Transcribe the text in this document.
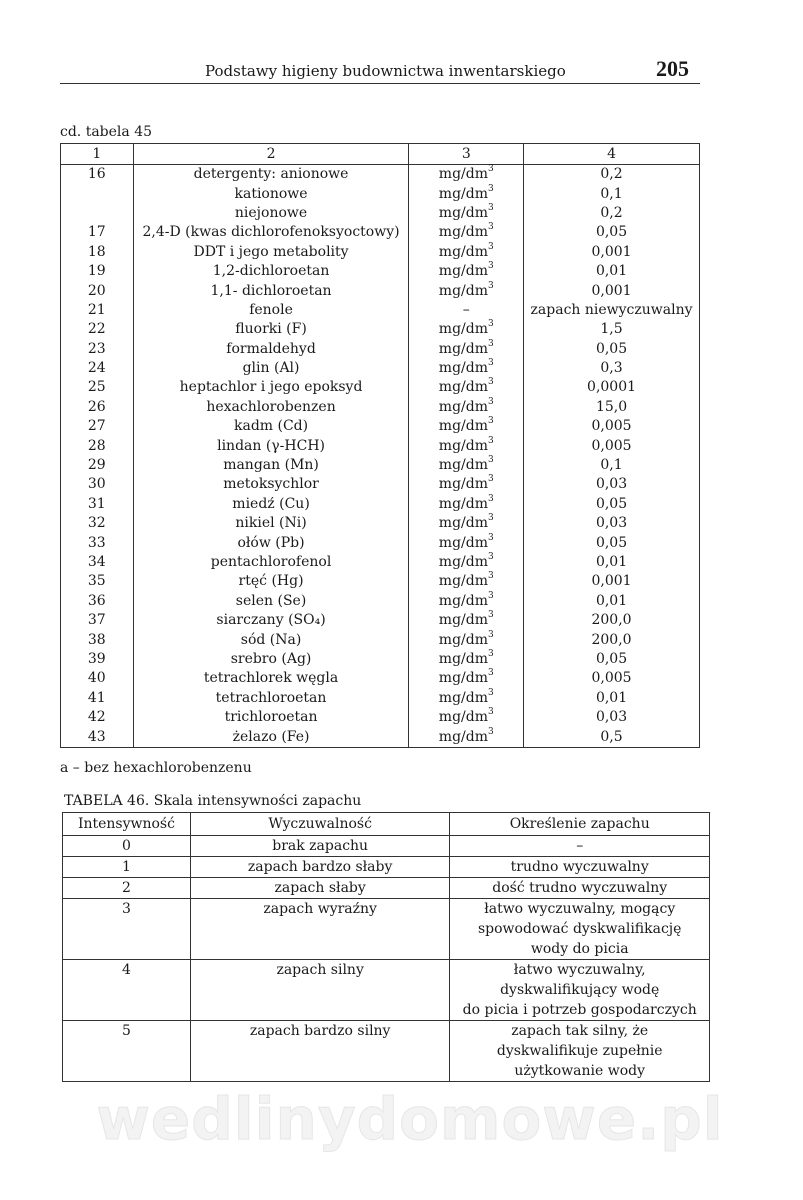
Podstawy higieny budownictwa inwentarskiego	205
cd. tabela 45
1	2	3	4
16	detergenty: anionowe	$mg/dm^3$	0,2
	kationowe	$mg/dm^3$	0,1
	niejonowe	$mg/dm^3$	0,2
17	2,4-D (kwas dichlorofenoksyoctowy)	$mg/dm^3$	0,05
18	DDT i jego metabolity	$mg/dm^3$	0,001
19	1,2-dichloroetan	$mg/dm^3$	0,01
20	1,1- dichloroetan	$mg/dm^3$	0,001
21	fenole	–	zapach niewyczuwalny
22	fluorki (F)	$mg/dm^3$	1,5
23	formaldehyd	$mg/dm^3$	0,05
24	glin (Al)	$mg/dm^3$	0,3
25	heptachlor i jego epoksyd	$mg/dm^3$	0,0001
26	hexachlorobenzen	$mg/dm^3$	15,0
27	kadm (Cd)	$mg/dm^3$	0,005
28	lindan (γ-HCH)	$mg/dm^3$	0,005
29	mangan (Mn)	$mg/dm^3$	0,1
30	metoksychlor	$mg/dm^3$	0,03
31	miedź (Cu)	$mg/dm^3$	0,05
32	nikiel (Ni)	$mg/dm^3$	0,03
33	ołów (Pb)	$mg/dm^3$	0,05
34	pentachlorofenol	$mg/dm^3$	0,01
35	rtęć (Hg)	$mg/dm^3$	0,001
36	selen (Se)	$mg/dm^3$	0,01
37	siarczany (SO₄)	$mg/dm^3$	200,0
38	sód (Na)	$mg/dm^3$	200,0
39	srebro (Ag)	$mg/dm^3$	0,05
40	tetrachlorek węgla	$mg/dm^3$	0,005
41	tetrachloroetan	$mg/dm^3$	0,01
42	trichloroetan	$mg/dm^3$	0,03
43	żelazo (Fe)	$mg/dm^3$	0,5
a – bez hexachlorobenzenu
TABELA 46. Skala intensywności zapachu
Intensywność	Wyczuwalność	Określenie zapachu
0	brak zapachu	–
1	zapach bardzo słaby	trudno wyczuwalny
2	zapach słaby	dość trudno wyczuwalny
3	zapach wyraźny	łatwo wyczuwalny, mogący
spowodować dyskwalifikację
wody do picia
4	zapach silny	łatwo wyczuwalny,
dyskwalifikujący wodę
do picia i potrzeb gospodarczych
5	zapach bardzo silny	zapach tak silny, że
dyskwalifikuje zupełnie
użytkowanie wody
wedlinydomowe.pl
